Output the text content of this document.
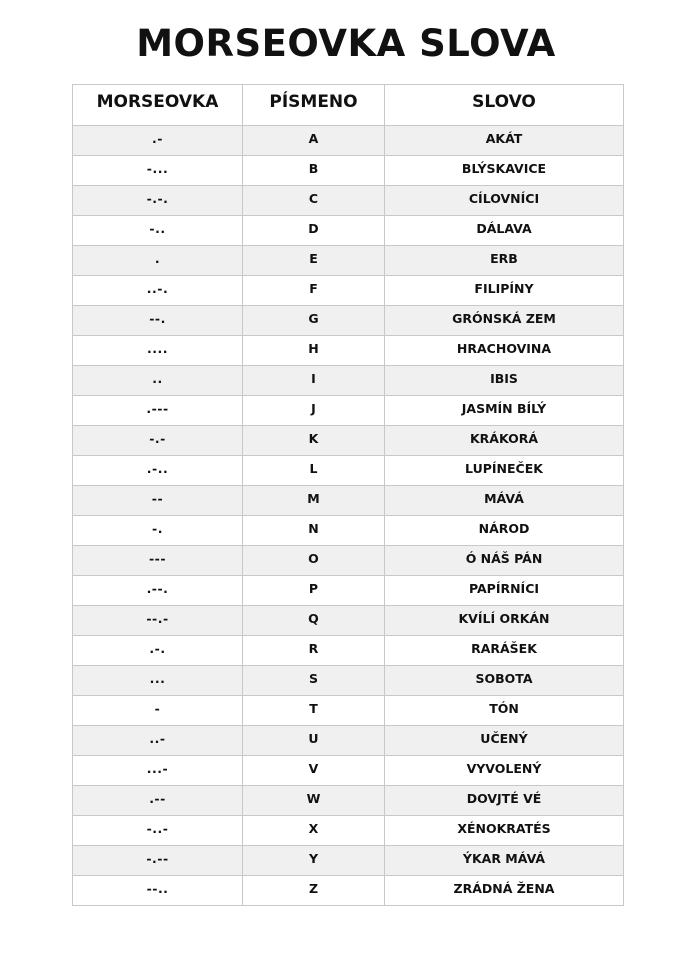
MORSEOVKA SLOVA
MORSEOVKA	PÍSMENO	SLOVO
.-	A	AKÁT
-...	B	BLÝSKAVICE
-.-.	C	CÍLOVNÍCI
-..	D	DÁLAVA
.	E	ERB
..-.	F	FILIPÍNY
--.	G	GRÓNSKÁ ZEM
....	H	HRACHOVINA
..	I	IBIS
.---	J	JASMÍN BÍLÝ
-.-	K	KRÁKORÁ
.-..	L	LUPÍNEČEK
--	M	MÁVÁ
-.	N	NÁROD
---	O	Ó NÁŠ PÁN
.--.	P	PAPÍRNÍCI
--.-	Q	KVÍLÍ ORKÁN
.-.	R	RARÁŠEK
...	S	SOBOTA
-	T	TÓN
..-	U	UČENÝ
...-	V	VYVOLENÝ
.--	W	DOVJTÉ VÉ
-..-	X	XÉNOKRATÉS
-.--	Y	ÝKAR MÁVÁ
--..	Z	ZRÁDNÁ ŽENA
